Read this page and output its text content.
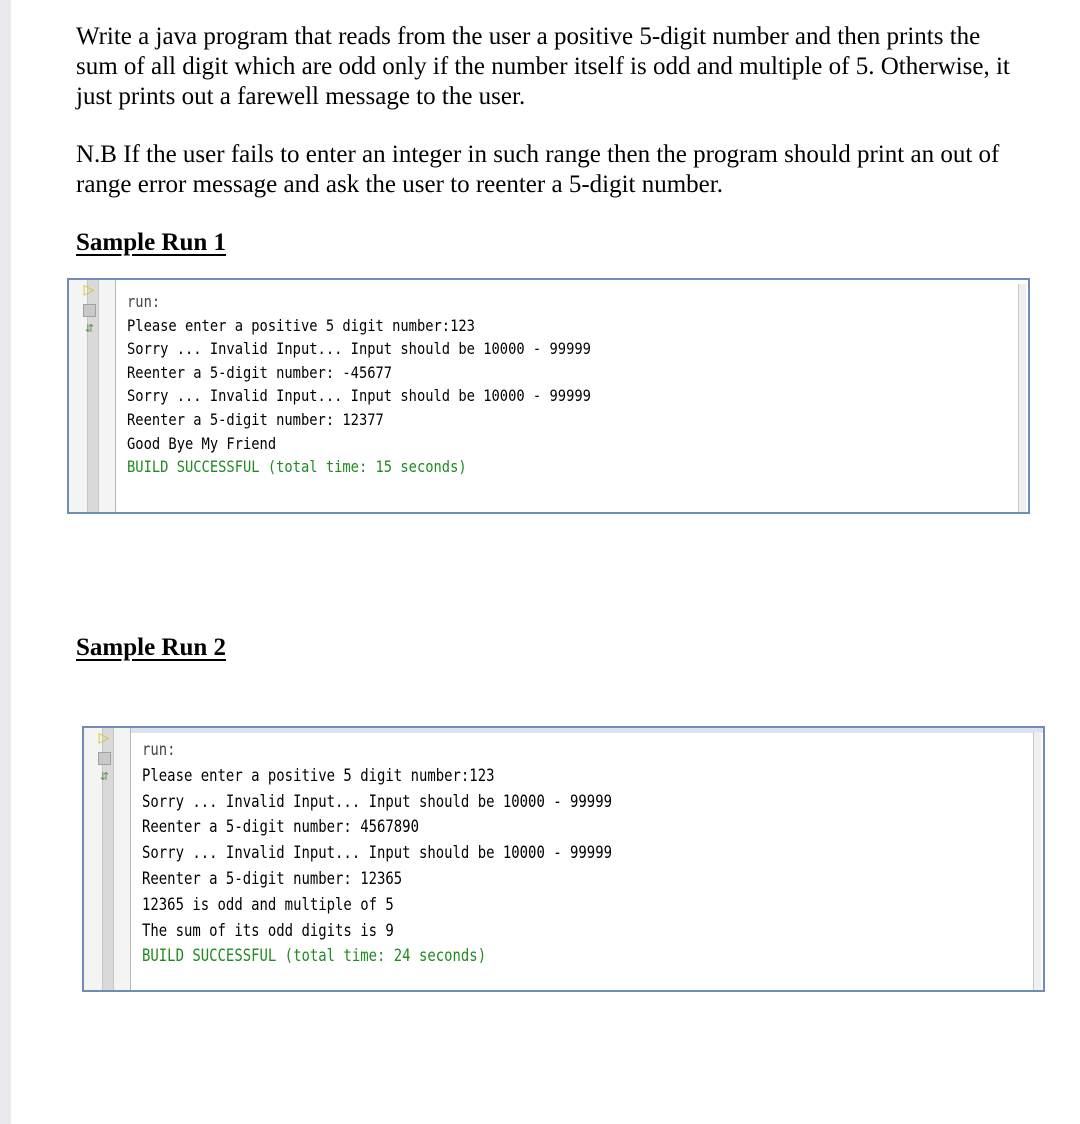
Write a java program that reads from the user a positive 5-digit number and then prints the
sum of all digit which are odd only if the number itself is odd and multiple of 5. Otherwise, it
just prints out a farewell message to the user.

N.B If the user fails to enter an integer in such range then the program should print an out of
range error message and ask the user to reenter a 5-digit number.

Sample Run 1

▷
⇵
run:
Please enter a positive 5 digit number:123
Sorry ... Invalid Input... Input should be 10000 - 99999
Reenter a 5-digit number: -45677
Sorry ... Invalid Input... Input should be 10000 - 99999
Reenter a 5-digit number: 12377
Good Bye My Friend
BUILD SUCCESSFUL (total time: 15 seconds)

Sample Run 2

▷
⇵
run:
Please enter a positive 5 digit number:123
Sorry ... Invalid Input... Input should be 10000 - 99999
Reenter a 5-digit number: 4567890
Sorry ... Invalid Input... Input should be 10000 - 99999
Reenter a 5-digit number: 12365
12365 is odd and multiple of 5
The sum of its odd digits is 9
BUILD SUCCESSFUL (total time: 24 seconds)
